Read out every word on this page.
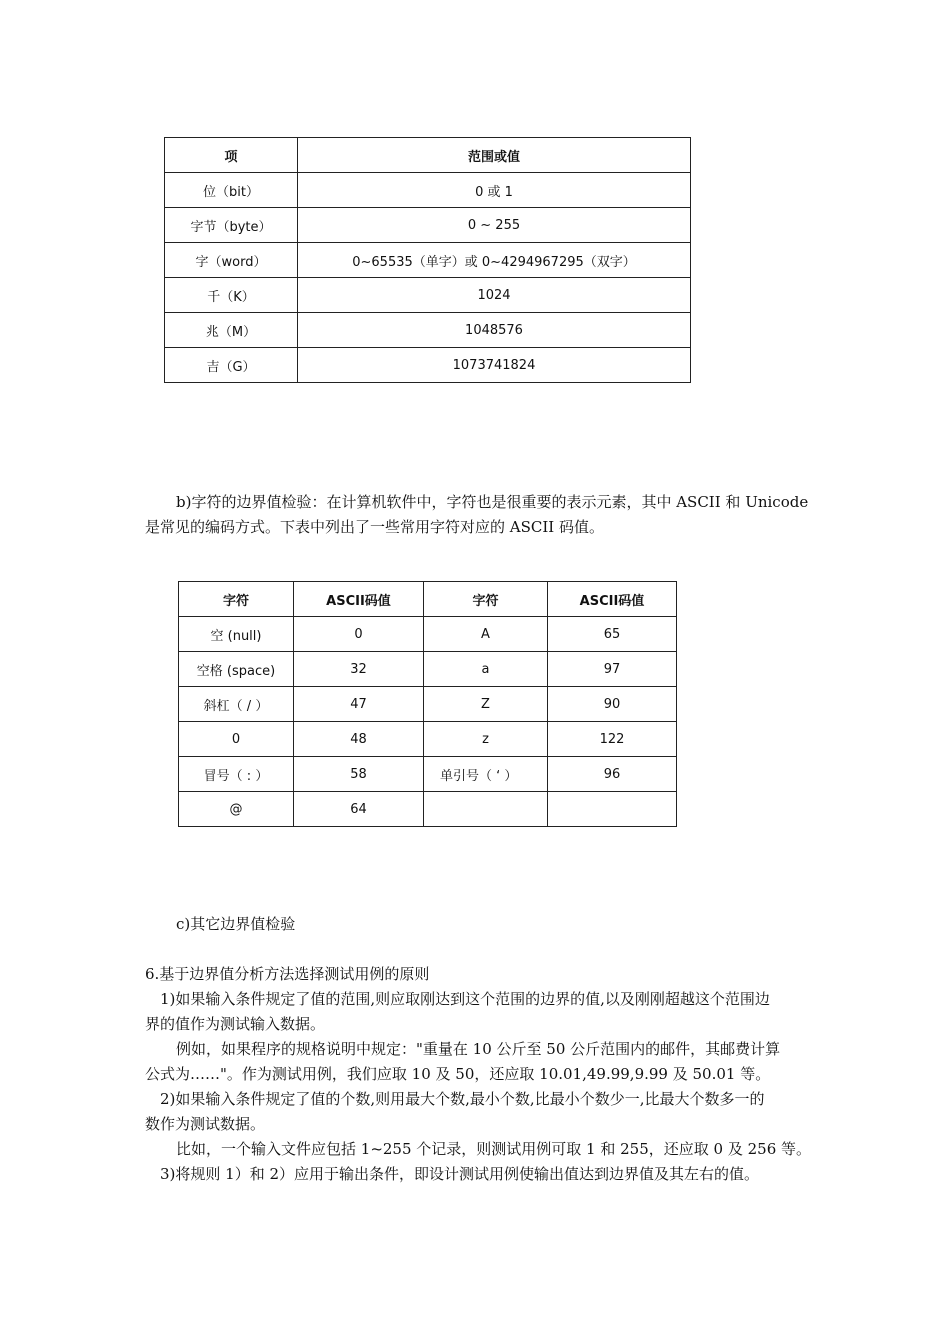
项	范围或值
位（bit）	0 或 1
字节（byte）	0 ~ 255
字（word）	0~65535（单字）或 0~4294967295（双字）
千（K）	1024
兆（M）	1048576
吉（G）	1073741824

b)字符的边界值检验：在计算机软件中，字符也是很重要的表示元素，其中 ASCII 和 Unicode

是常见的编码方式。下表中列出了一些常用字符对应的 ASCII 码值。

字符	ASCII码值	字符	ASCII码值
空 (null)	0	A	65
空格 (space)	32	a	97
斜杠（ / ）	47	Z	90
0	48	z	122
冒号（ : ）	58	单引号（ ‘ ）	96
@	64		

c)其它边界值检验

6.基于边界值分析方法选择测试用例的原则

1)如果输入条件规定了值的范围,则应取刚达到这个范围的边界的值,以及刚刚超越这个范围边

界的值作为测试输入数据。

例如，如果程序的规格说明中规定："重量在 10 公斤至 50 公斤范围内的邮件，其邮费计算

公式为……"。作为测试用例，我们应取 10 及 50，还应取 10.01,49.99,9.99 及 50.01 等。

2)如果输入条件规定了值的个数,则用最大个数,最小个数,比最小个数少一,比最大个数多一的

数作为测试数据。

比如，一个输入文件应包括 1~255 个记录，则测试用例可取 1 和 255，还应取 0 及 256 等。

3)将规则 1）和 2）应用于输出条件，即设计测试用例使输出值达到边界值及其左右的值。
